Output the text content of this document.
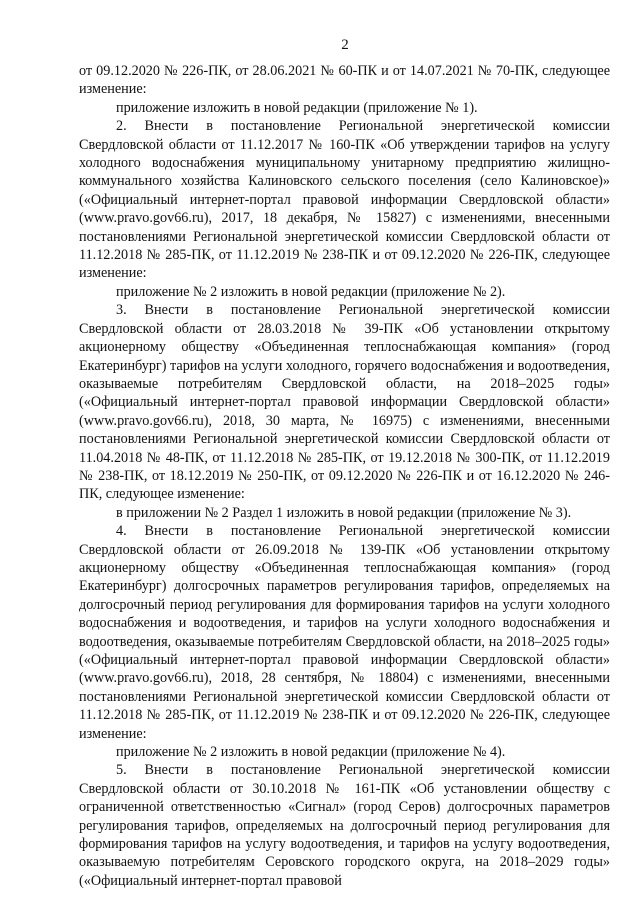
2

от 09.12.2020 № 226-ПК, от 28.06.2021 № 60-ПК и от 14.07.2021 № 70-ПК, следующее изменение:

приложение изложить в новой редакции (приложение № 1).

2. Внести в постановление Региональной энергетической комиссии Свердловской области от 11.12.2017 № 160-ПК «Об утверждении тарифов на услугу холодного водоснабжения муниципальному унитарному предприятию жилищно-коммунального хозяйства Калиновского сельского поселения (село Калиновское)» («Официальный интернет-портал правовой информации Свердловской области» (www.pravo.gov66.ru), 2017, 18 декабря, № 15827) с изменениями, внесенными постановлениями Региональной энергетической комиссии Свердловской области от 11.12.2018 № 285-ПК, от 11.12.2019 № 238-ПК и от 09.12.2020 № 226-ПК, следующее изменение:

приложение № 2 изложить в новой редакции (приложение № 2).

3. Внести в постановление Региональной энергетической комиссии Свердловской области от 28.03.2018 № 39-ПК «Об установлении открытому акционерному обществу «Объединенная теплоснабжающая компания» (город Екатеринбург) тарифов на услуги холодного, горячего водоснабжения и водоотведения, оказываемые потребителям Свердловской области, на 2018–2025 годы» («Официальный интернет-портал правовой информации Свердловской области» (www.pravo.gov66.ru), 2018, 30 марта, № 16975) с изменениями, внесенными постановлениями Региональной энергетической комиссии Свердловской области от 11.04.2018 № 48-ПК, от 11.12.2018 № 285-ПК, от 19.12.2018 № 300-ПК, от 11.12.2019 № 238-ПК, от 18.12.2019 № 250-ПК, от 09.12.2020 № 226-ПК и от 16.12.2020 № 246-ПК, следующее изменение:

в приложении № 2 Раздел 1 изложить в новой редакции (приложение № 3).

4. Внести в постановление Региональной энергетической комиссии Свердловской области от 26.09.2018 № 139-ПК «Об установлении открытому акционерному обществу «Объединенная теплоснабжающая компания» (город Екатеринбург) долгосрочных параметров регулирования тарифов, определяемых на долгосрочный период регулирования для формирования тарифов на услуги холодного водоснабжения и водоотведения, и тарифов на услуги холодного водоснабжения и водоотведения, оказываемые потребителям Свердловской области, на 2018–2025 годы» («Официальный интернет-портал правовой информации Свердловской области» (www.pravo.gov66.ru), 2018, 28 сентября, № 18804) с изменениями, внесенными постановлениями Региональной энергетической комиссии Свердловской области от 11.12.2018 № 285-ПК, от 11.12.2019 № 238-ПК и от 09.12.2020 № 226-ПК, следующее изменение:

приложение № 2 изложить в новой редакции (приложение № 4).

5. Внести в постановление Региональной энергетической комиссии Свердловской области от 30.10.2018 № 161-ПК «Об установлении обществу с ограниченной ответственностью «Сигнал» (город Серов) долгосрочных параметров регулирования тарифов, определяемых на долгосрочный период регулирования для формирования тарифов на услугу водоотведения, и тарифов на услугу водоотведения, оказываемую потребителям Серовского городского округа, на 2018–2029 годы» («Официальный интернет-портал правовой
